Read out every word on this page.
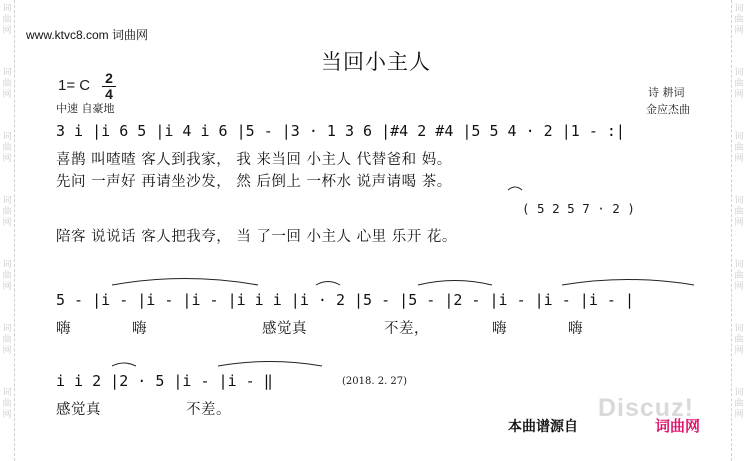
词
曲
网
词
曲
网
词
曲
网
词
曲
网
词
曲
网
词
曲
网
词
曲
网
词
曲
网
词
曲
网
词
曲
网
词
曲
网
词
曲
网
词
曲
网
词
曲
网
www.ktvc8.com 词曲网
当回小主人
1= C 2
4
中速 自豪地
诗 耕词
金应杰曲
3 i |i 6 5 |i 4 i 6 |5 - |3 · 1 3 6 |#4 2 #4 |5 5 4 · 2 |1 - :|
喜鹊 叫喳喳 客人到我家， 我 来当回 小主人 代替爸和 妈。
先问 一声好 再请坐沙发， 然 后倒上 一杯水 说声请喝 茶。
( 5 2 5 7 · 2 )
陪客 说说话 客人把我夸， 当 了一回 小主人 心里 乐开 花。
5 - |i - |i - |i - |i i i |i · 2 |5 - |5 - |2 - |i - |i - |i - |
嗨	嗨	感觉真	不差，	嗨	嗨
i i 2 |2 · 5 |i - |i - ‖	(2018. 2. 27)
感觉真	不差。	Discuz!
本曲谱源自	词曲网
